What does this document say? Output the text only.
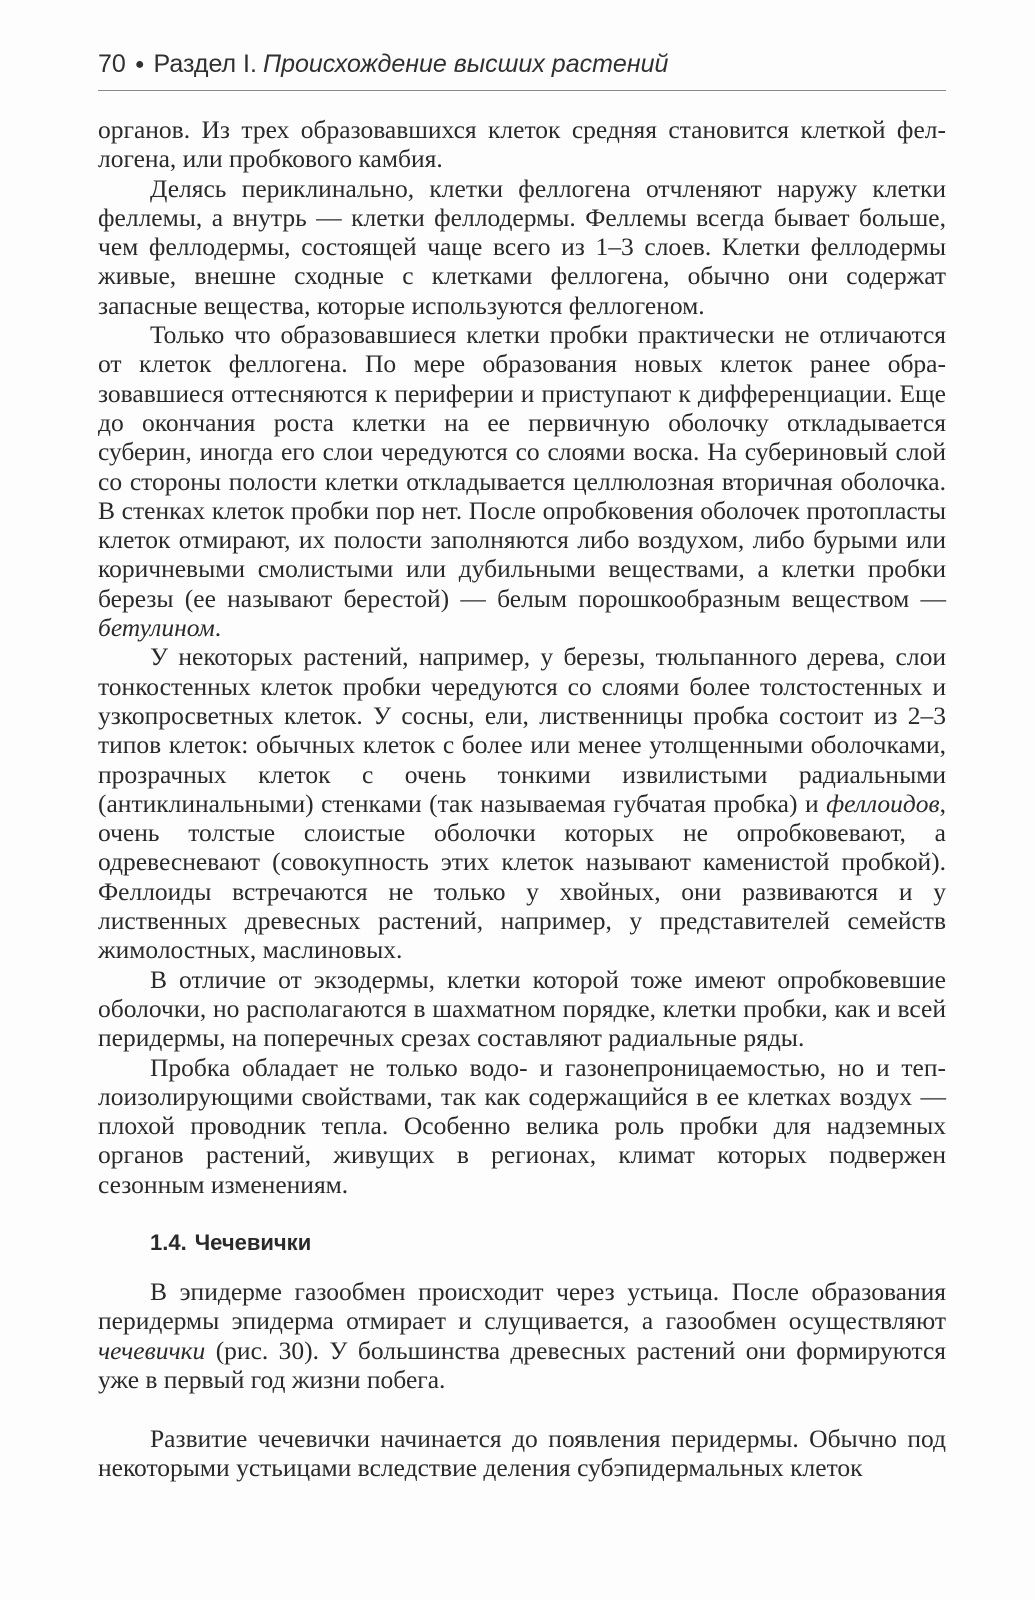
70 ● Раздел I. Происхождение высших растений

органов. Из трех образовавшихся клеток средняя становится клеткой феллогена, или пробкового камбия.

Делясь периклинально, клетки феллогена отчленяют наружу клетки феллемы, а внутрь — клетки феллодермы. Феллемы всегда бывает больше, чем феллодермы, состоящей чаще всего из 1–3 слоев. Клетки феллодермы живые, внешне сходные с клетками феллогена, обычно они содержат запасные вещества, которые используются феллогеном.

Только что образовавшиеся клетки пробки практически не отличаются от клеток феллогена. По мере образования новых клеток ранее образовавшиеся оттесняются к периферии и приступают к дифференциации. Еще до окончания роста клетки на ее первичную оболочку откладывается суберин, иногда его слои чередуются со слоями воска. На субериновый слой со стороны полости клетки откладывается целлюлозная вторичная оболочка. В стенках клеток пробки пор нет. После опробковения оболочек протопласты клеток отмирают, их полости заполняются либо воздухом, либо бурыми или коричневыми смолистыми или дубильными веществами, а клетки пробки березы (ее называют берестой) — белым порошкообразным веществом — бетулином.

У некоторых растений, например, у березы, тюльпанного дерева, слои тонкостенных клеток пробки чередуются со слоями более толстостенных и узкопросветных клеток. У сосны, ели, лиственницы пробка состоит из 2–3 типов клеток: обычных клеток с более или менее утолщенными оболочками, прозрачных клеток с очень тонкими извилистыми радиальными (антиклинальными) стенками (так называемая губчатая пробка) и феллоидов, очень толстые слоистые оболочки которых не опробковевают, а одревесневают (совокупность этих клеток называют каменистой пробкой). Феллоиды встречаются не только у хвойных, они развиваются и у лиственных древесных растений, например, у представителей семейств жимолостных, маслиновых.

В отличие от экзодермы, клетки которой тоже имеют опробковевшие оболочки, но располагаются в шахматном порядке, клетки пробки, как и всей перидермы, на поперечных срезах составляют радиальные ряды.

Пробка обладает не только водо- и газонепроницаемостью, но и теплоизолирующими свойствами, так как содержащийся в ее клетках воздух — плохой проводник тепла. Особенно велика роль пробки для надземных органов растений, живущих в регионах, климат которых подвержен сезонным изменениям.

1.4. Чечевички

В эпидерме газообмен происходит через устьица. После образования перидермы эпидерма отмирает и слущивается, а газообмен осуществляют чечевички (рис. 30). У большинства древесных растений они формируются уже в первый год жизни побега.

Развитие чечевички начинается до появления перидермы. Обычно под некоторыми устьицами вследствие деления субэпидермальных клеток
